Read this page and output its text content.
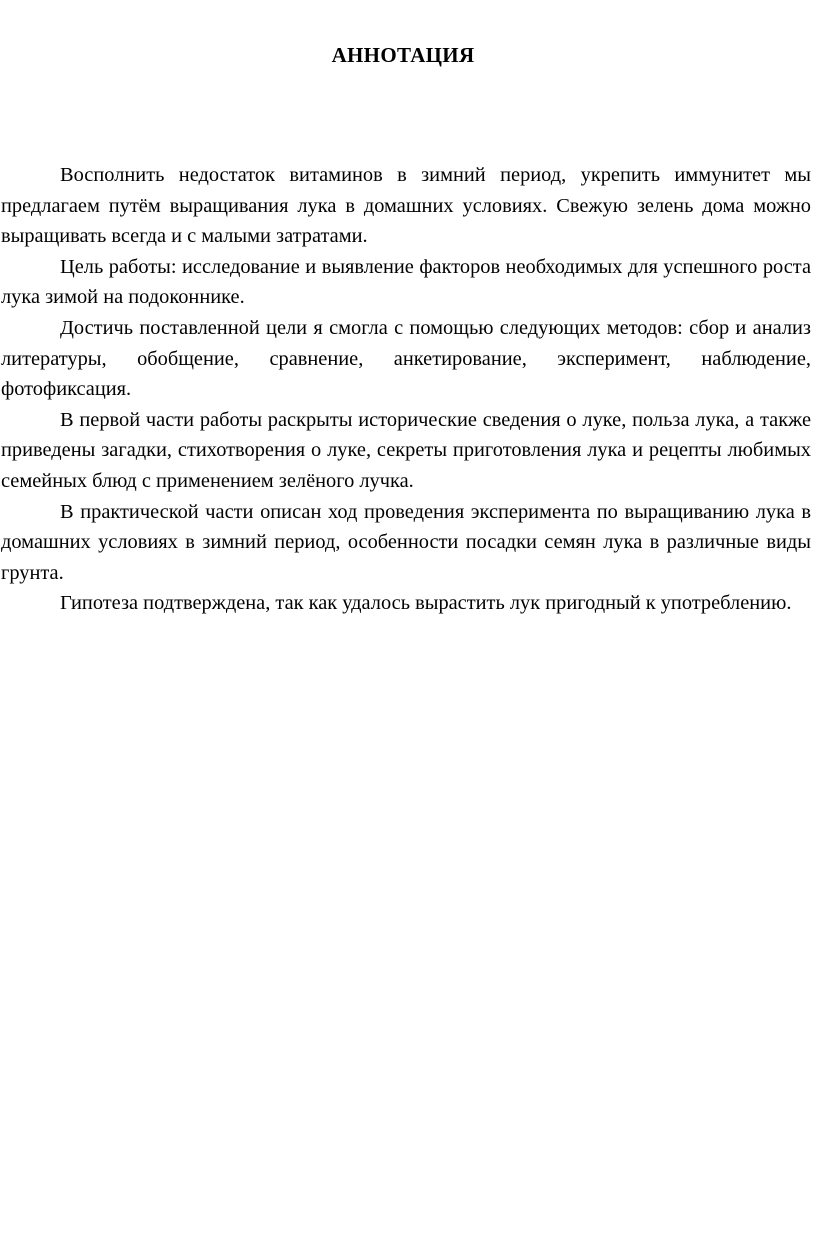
АННОТАЦИЯ

Восполнить недостаток витаминов в зимний период, укрепить иммунитет мы предлагаем путём выращивания лука в домашних условиях. Свежую зелень дома можно выращивать всегда и с малыми затратами.

Цель работы: исследование и выявление факторов необходимых для успешного роста лука зимой на подоконнике.

Достичь поставленной цели я смогла с помощью следующих методов: сбор и анализ литературы, обобщение, сравнение, анкетирование, эксперимент, наблюдение, фотофиксация.

В первой части работы раскрыты исторические сведения о луке, польза лука, а также приведены загадки, стихотворения о луке, секреты приготовления лука и рецепты любимых семейных блюд с применением зелёного лучка.

В практической части описан ход проведения эксперимента по выращиванию лука в домашних условиях в зимний период, особенности посадки семян лука в различные виды грунта.

Гипотеза подтверждена, так как удалось вырастить лук пригодный к употреблению.
